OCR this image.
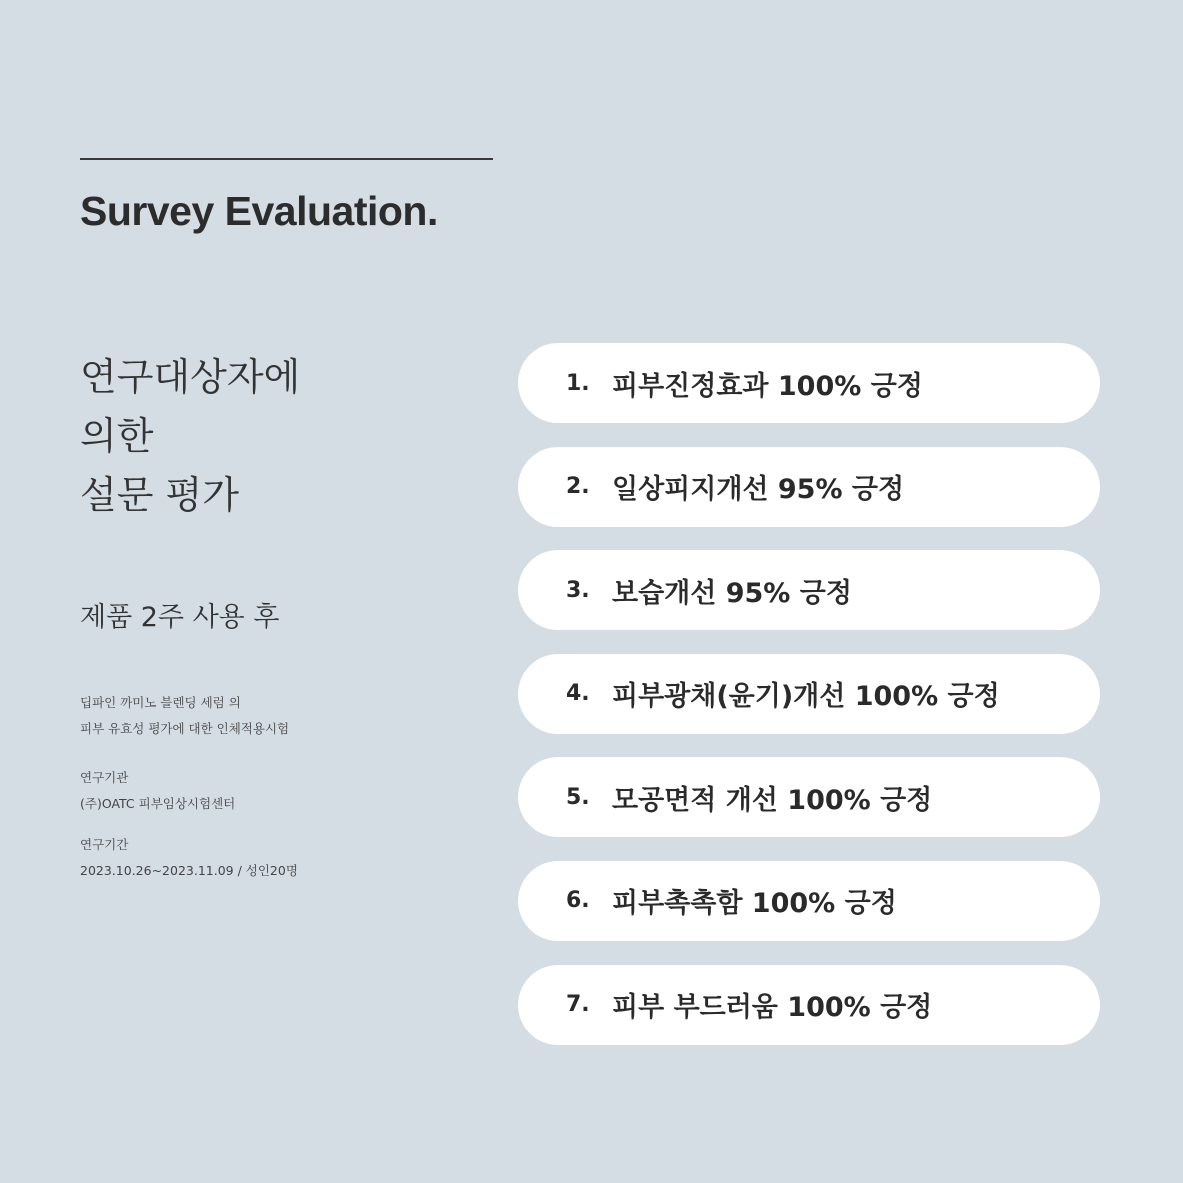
Survey Evaluation.
연구대상자에
의한
설문 평가
제품 2주 사용 후
딥파인 까미노 블렌딩 세럼 의
피부 유효성 평가에 대한 인체적용시험
연구기관
(주)OATC 피부임상시험센터
연구기간
2023.10.26~2023.11.09 / 성인20명
1. 피부진정효과 100% 긍정
2. 일상피지개선 95% 긍정
3. 보습개선 95% 긍정
4. 피부광채(윤기)개선 100% 긍정
5. 모공면적 개선 100% 긍정
6. 피부촉촉함 100% 긍정
7. 피부 부드러움 100% 긍정
